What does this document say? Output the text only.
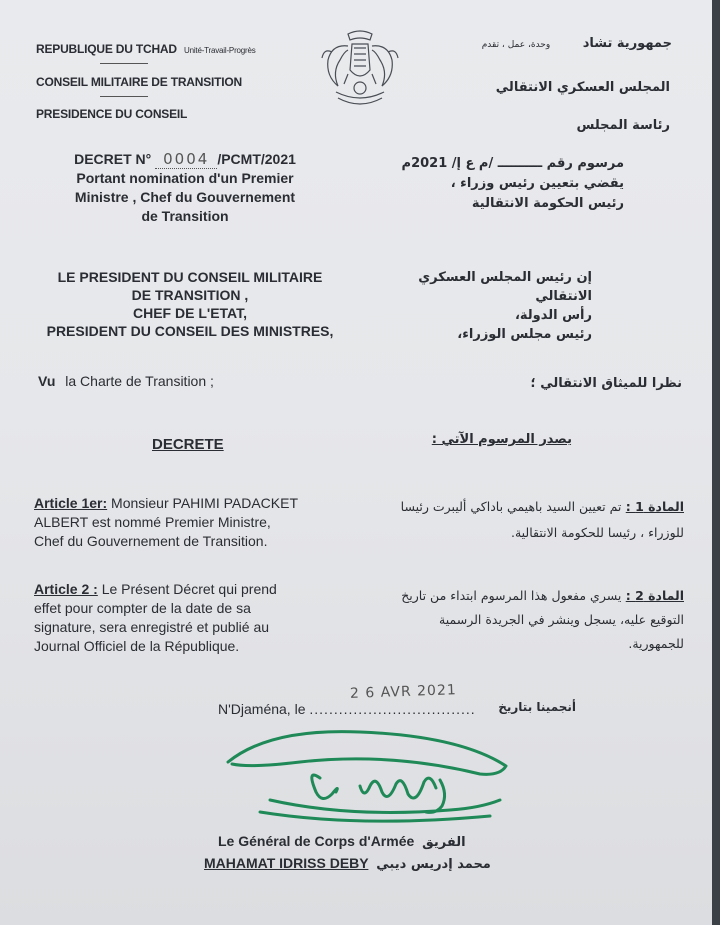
REPUBLIQUE DU TCHAD Unité-Travail-Progrès
CONSEIL MILITAIRE DE TRANSITION
PRESIDENCE DU CONSEIL
جمهورية تشاد وحدة، عمل ، تقدم
المجلس العسكري الانتقالي
رئاسة المجلس
DECRET N° 0004 /PCMT/2021
Portant nomination d'un Premier
Ministre , Chef du Gouvernement
de Transition
مرسوم رقم ــــــــــ /م ع إ/ 2021م
يقضي بتعيين رئيس وزراء ،
رئيس الحكومة الانتقالية
LE PRESIDENT DU CONSEIL MILITAIRE
DE TRANSITION ,
CHEF DE L'ETAT,
PRESIDENT DU CONSEIL DES MINISTRES,
إن رئيس المجلس العسكري
الانتقالي
رأس الدولة،
رئيس مجلس الوزراء،
Vu la Charte de Transition ;	نظرا للميثاق الانتقالي ؛
DECRETE	يصدر المرسوم الآتي :
Article 1er: Monsieur PAHIMI PADACKET
ALBERT est nommé Premier Ministre,
Chef du Gouvernement de Transition.
المادة 1 : تم تعيين السيد باهيمي باداكي أليبرت رئيسا
للوزراء ، رئيسا للحكومة الانتقالية.
Article 2 : Le Présent Décret qui prend
effet pour compter de la date de sa
signature, sera enregistré et publié au
Journal Officiel de la République.
المادة 2 : يسري مفعول هذا المرسوم ابتداء من تاريخ
التوقيع عليه، يسجل وينشر في الجريدة الرسمية
للجمهورية.
2 6 AVR 2021
N'Djaména, le .................................. أنجمينا بتاريخ
Le Général de Corps d'Armée الفريق
MAHAMAT IDRISS DEBY محمد إدريس ديبي
